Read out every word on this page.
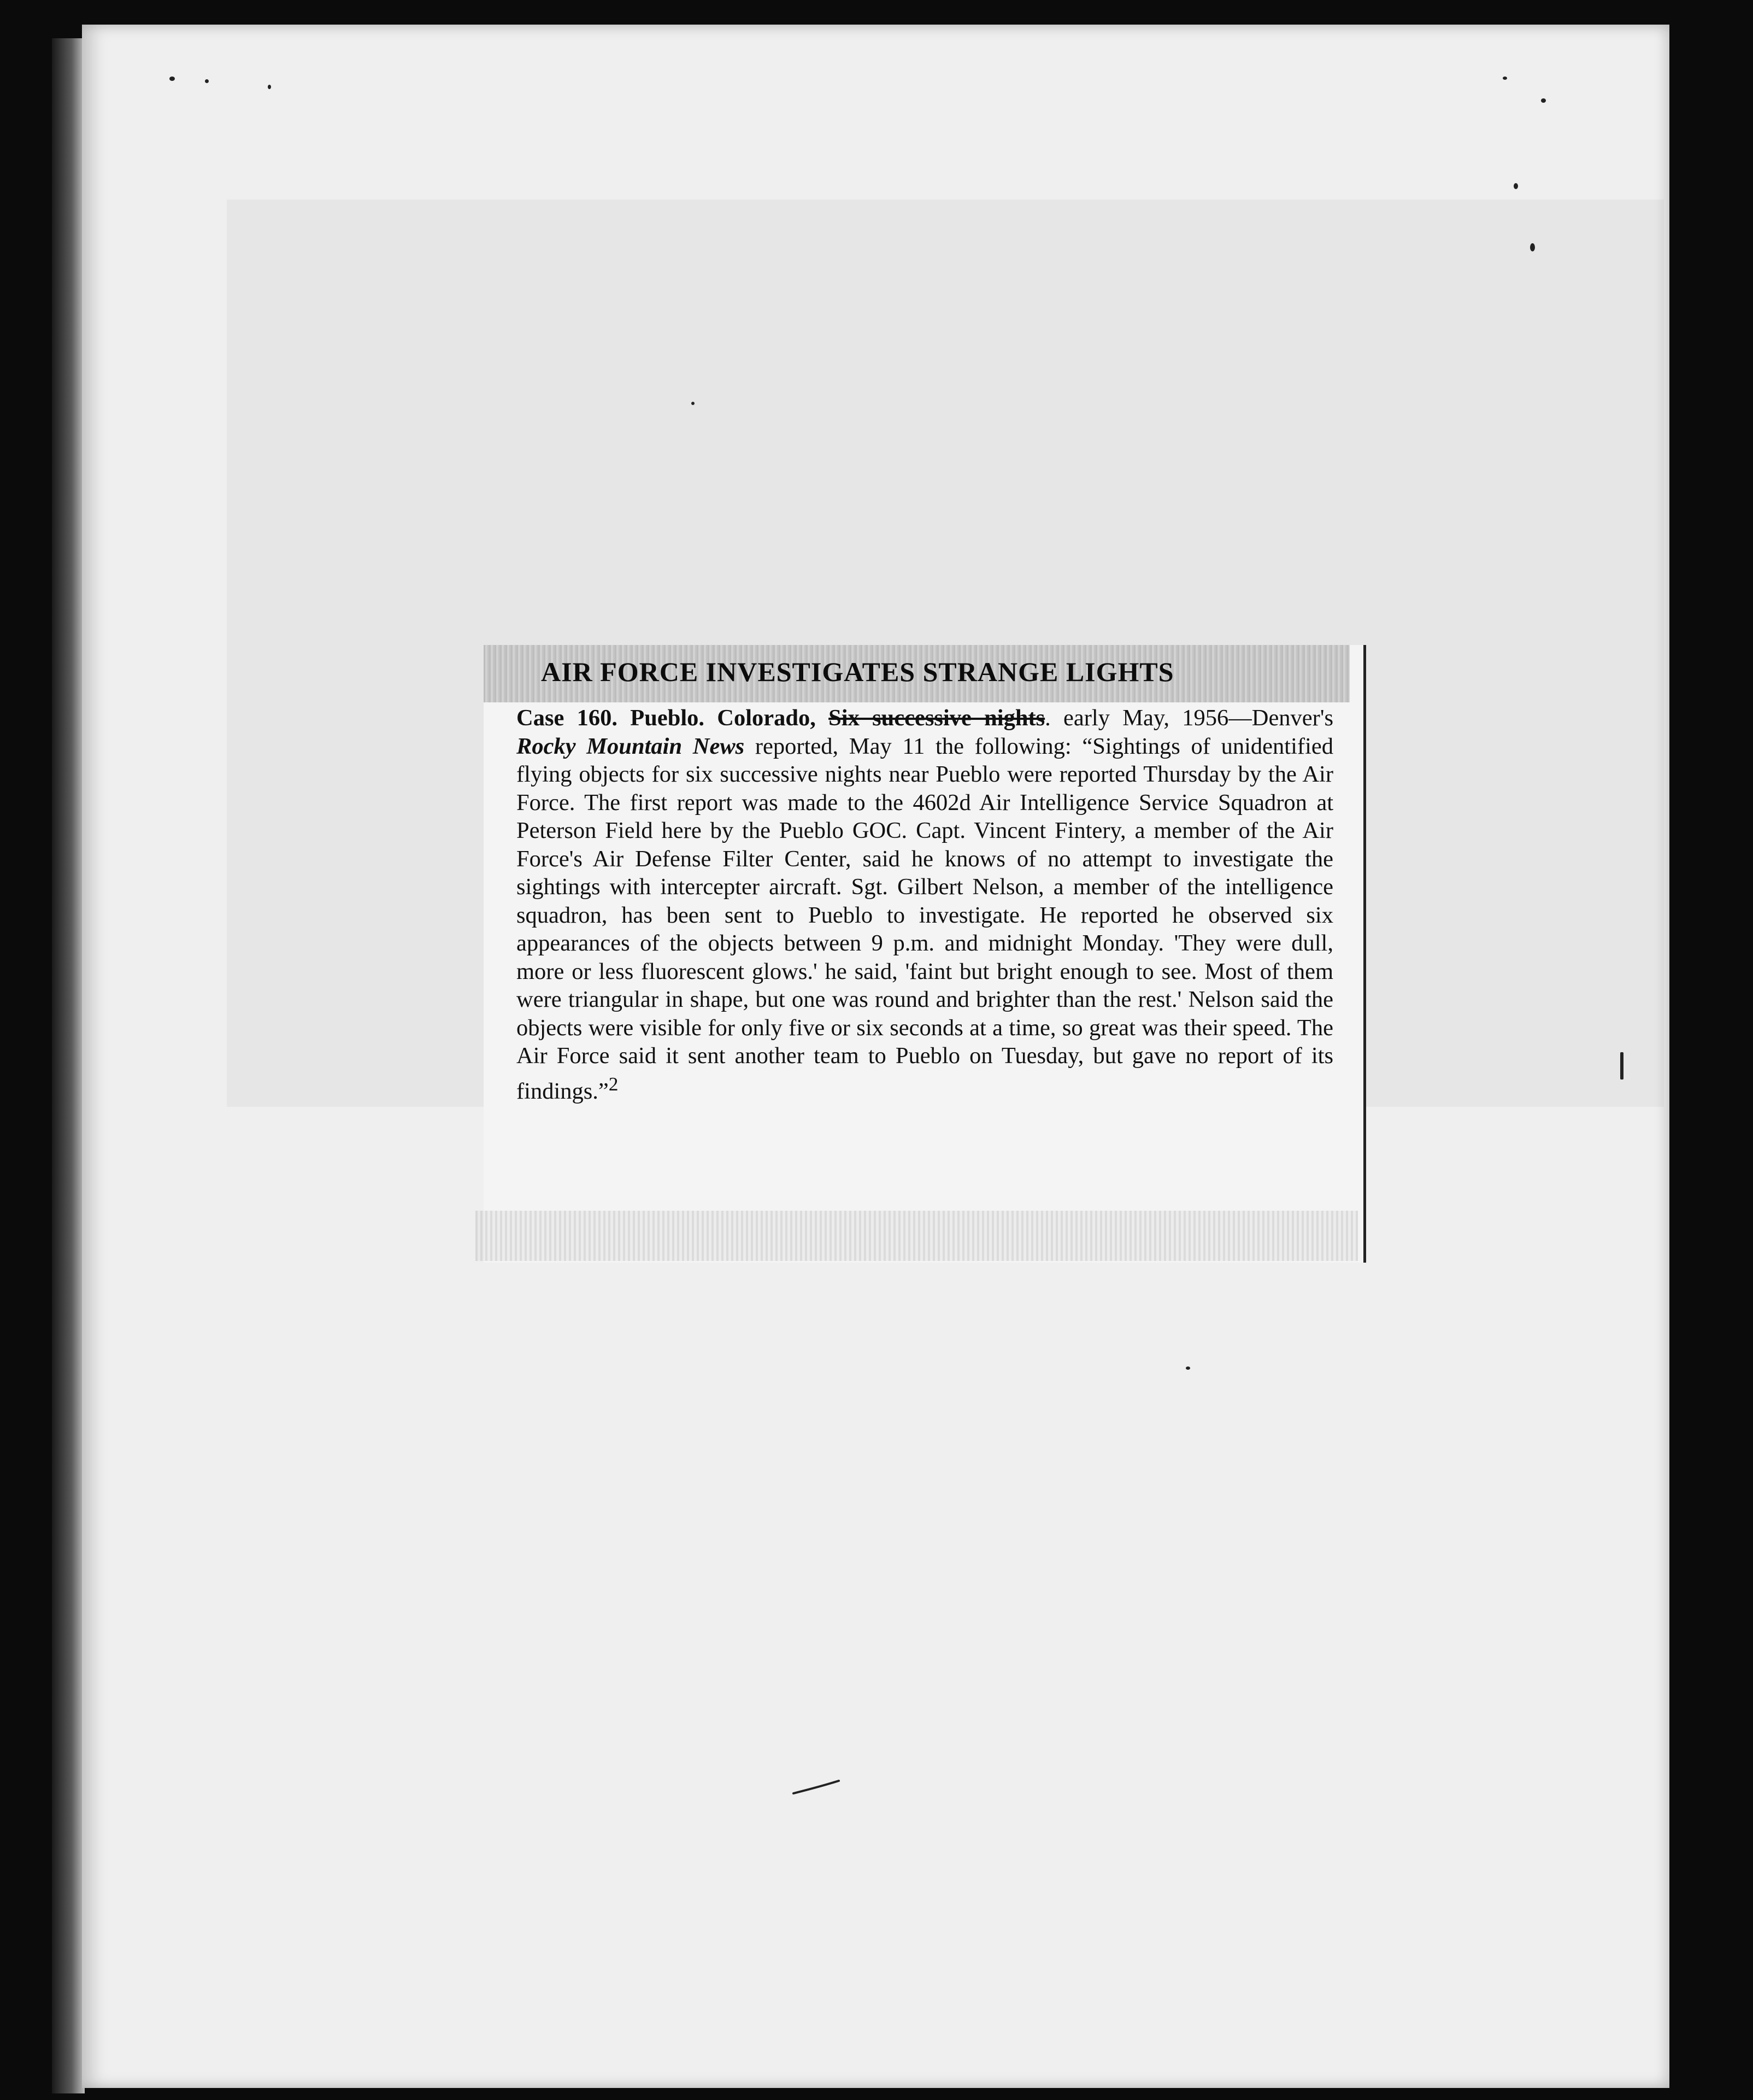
AIR FORCE INVESTIGATES STRANGE LIGHTS

Case 160. Pueblo. Colorado, Six successive nights. early May, 1956—Denver's Rocky Mountain News reported, May 11 the following: “Sightings of unidentified flying objects for six successive nights near Pueblo were reported Thursday by the Air Force. The first report was made to the 4602d Air Intelligence Service Squadron at Peterson Field here by the Pueblo GOC. Capt. Vincent Fintery, a member of the Air Force's Air Defense Filter Center, said he knows of no attempt to investigate the sightings with intercepter aircraft. Sgt. Gilbert Nelson, a member of the intelligence squadron, has been sent to Pueblo to investigate. He reported he observed six appearances of the objects between 9 p.m. and midnight Monday. 'They were dull, more or less fluorescent glows.' he said, 'faint but bright enough to see. Most of them were triangular in shape, but one was round and brighter than the rest.' Nelson said the objects were visible for only five or six seconds at a time, so great was their speed. The Air Force said it sent another team to Pueblo on Tuesday, but gave no report of its findings.”$^2$
